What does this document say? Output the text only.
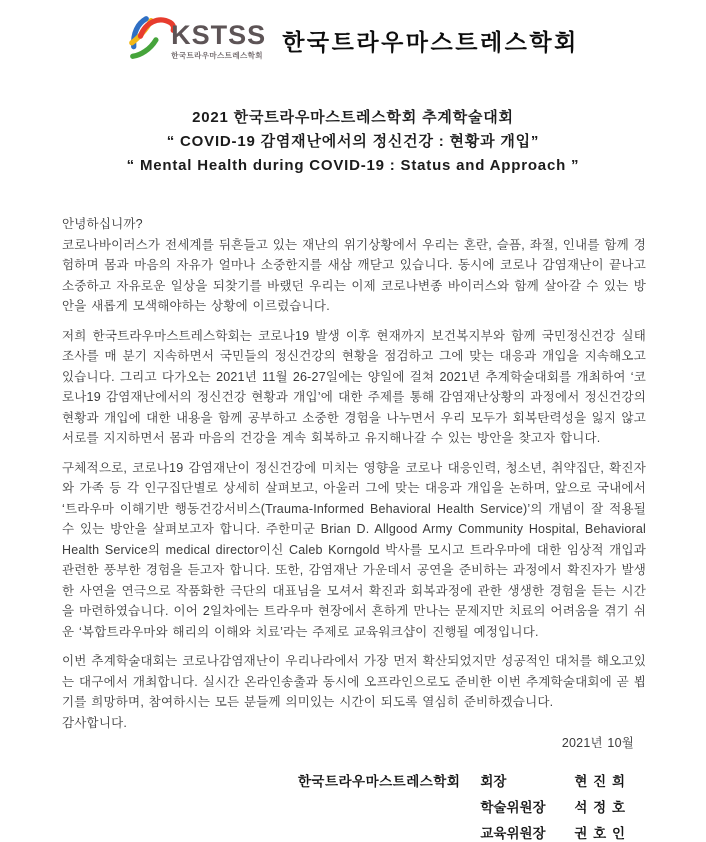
KSTSS
한국트라우마스트레스학회 한국트라우마스트레스학회
2021 한국트라우마스트레스학회 추계학술대회
“ COVID-19 감염재난에서의 정신건강 : 현황과 개입”
“ Mental Health during COVID-19 : Status and Approach ”

안녕하십니까?

코로나바이러스가 전세계를 뒤흔들고 있는 재난의 위기상황에서 우리는 혼란, 슬픔, 좌절, 인내를 함께 경험하며 몸과 마음의 자유가 얼마나 소중한지를 새삼 깨닫고 있습니다. 동시에 코로나 감염재난이 끝나고 소중하고 자유로운 일상을 되찾기를 바랬던 우리는 이제 코로나변종 바이러스와 함께 살아갈 수 있는 방안을 새롭게 모색해야하는 상황에 이르렀습니다.

저희 한국트라우마스트레스학회는 코로나19 발생 이후 현재까지 보건복지부와 함께 국민정신건강 실태조사를 매 분기 지속하면서 국민들의 정신건강의 현황을 점검하고 그에 맞는 대응과 개입을 지속해오고 있습니다. 그리고 다가오는 2021년 11월 26-27일에는 양일에 걸쳐 2021년 추계학술대회를 개최하여 ‘코로나19 감염재난에서의 정신건강 현황과 개입’에 대한 주제를 통해 감염재난상황의 과정에서 정신건강의 현황과 개입에 대한 내용을 함께 공부하고 소중한 경험을 나누면서 우리 모두가 회복탄력성을 잃지 않고 서로를 지지하면서 몸과 마음의 건강을 계속 회복하고 유지해나갈 수 있는 방안을 찾고자 합니다.

구체적으로, 코로나19 감염재난이 정신건강에 미치는 영향을 코로나 대응인력, 청소년, 취약집단, 확진자와 가족 등 각 인구집단별로 상세히 살펴보고, 아울러 그에 맞는 대응과 개입을 논하며, 앞으로 국내에서 ‘트라우마 이해기반 행동건강서비스(Trauma-Informed Behavioral Health Service)’의 개념이 잘 적용될 수 있는 방안을 살펴보고자 합니다. 주한미군 Brian D. Allgood Army Community Hospital, Behavioral Health Service의 medical director이신 Caleb Korngold 박사를 모시고 트라우마에 대한 임상적 개입과 관련한 풍부한 경험을 듣고자 합니다. 또한, 감염재난 가운데서 공연을 준비하는 과정에서 확진자가 발생한 사연을 연극으로 작품화한 극단의 대표님을 모셔서 확진과 회복과정에 관한 생생한 경험을 듣는 시간을 마련하였습니다. 이어 2일차에는 트라우마 현장에서 흔하게 만나는 문제지만 치료의 어려움을 겪기 쉬운 ‘복합트라우마와 해리의 이해와 치료’라는 주제로 교육워크샵이 진행될 예정입니다.

이번 추계학술대회는 코로나감염재난이 우리나라에서 가장 먼저 확산되었지만 성공적인 대처를 해오고있는 대구에서 개최합니다. 실시간 온라인송출과 동시에 오프라인으로도 준비한 이번 추계학술대회에 곧 뵙기를 희망하며, 참여하시는 모든 분들께 의미있는 시간이 되도록 열심히 준비하겠습니다.

감사합니다.

2021년 10월

한국트라우마스트레스학회 회장	현 진 희
학술위원장	석 정 호
교육위원장	권 호 인
